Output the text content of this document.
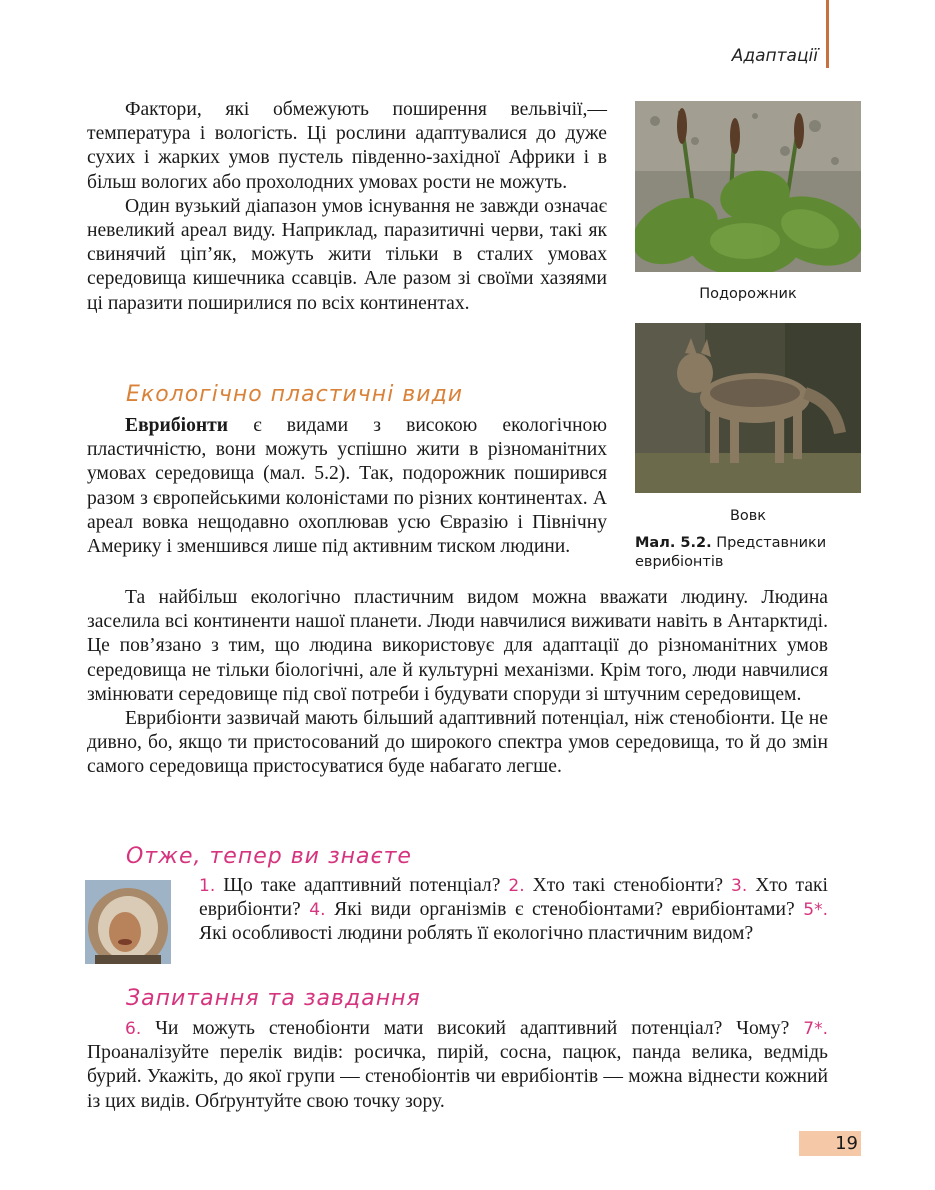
Адаптації

Фактори, які обмежують поширення вельвічії,— температура і вологість. Ці рослини адаптувалися до дуже сухих і жарких умов пустель південно-західної Африки і в більш вологих або прохолодних умовах рости не можуть.

Один вузький діапазон умов існування не завжди означає невеликий ареал виду. Наприклад, паразитичні черви, такі як свинячий ціп’як, можуть жити тільки в сталих умовах середовища кишечника ссавців. Але разом зі своїми хазяями ці паразити поширилися по всіх континентах.

Екологічно пластичні види

Еврибіонти є видами з високою екологічною пластичністю, вони можуть успішно жити в різноманітних умовах середовища (мал. 5.2). Так, подорожник поширився разом з європейськими колоністами по різних континентах. А ареал вовка нещодавно охоплював усю Євразію і Північну Америку і зменшився лише під активним тиском людини.

Та найбільш екологічно пластичним видом можна вважати людину. Людина заселила всі континенти нашої планети. Люди навчилися виживати навіть в Антарктиді. Це пов’язано з тим, що людина використовує для адаптації до різноманітних умов середовища не тільки біологічні, але й культурні механізми. Крім того, люди навчилися змінювати середовище під свої потреби і будувати споруди зі штучним середовищем.

Еврибіонти зазвичай мають більший адаптивний потенціал, ніж стенобіонти. Це не дивно, бо, якщо ти пристосований до широкого спектра умов середовища, то й до змін самого середовища пристосуватися буде набагато легше.

Подорожник
Вовк
Мал. 5.2. Представники еврибіонтів
Отже, тепер ви знаєте

1. Що таке адаптивний потенціал? 2. Хто такі стенобіонти? 3. Хто такі еврибіонти? 4. Які види організмів є стенобіонтами? еврибіонтами? 5*. Які особливості людини роблять її екологічно пластичним видом?

Запитання та завдання

6. Чи можуть стенобіонти мати високий адаптивний потенціал? Чому? 7*. Проаналізуйте перелік видів: росичка, пирій, сосна, пацюк, панда велика, ведмідь бурий. Укажіть, до якої групи — стенобіонтів чи еврибіонтів — можна віднести кожний із цих видів. Обґрунтуйте свою точку зору.

19
